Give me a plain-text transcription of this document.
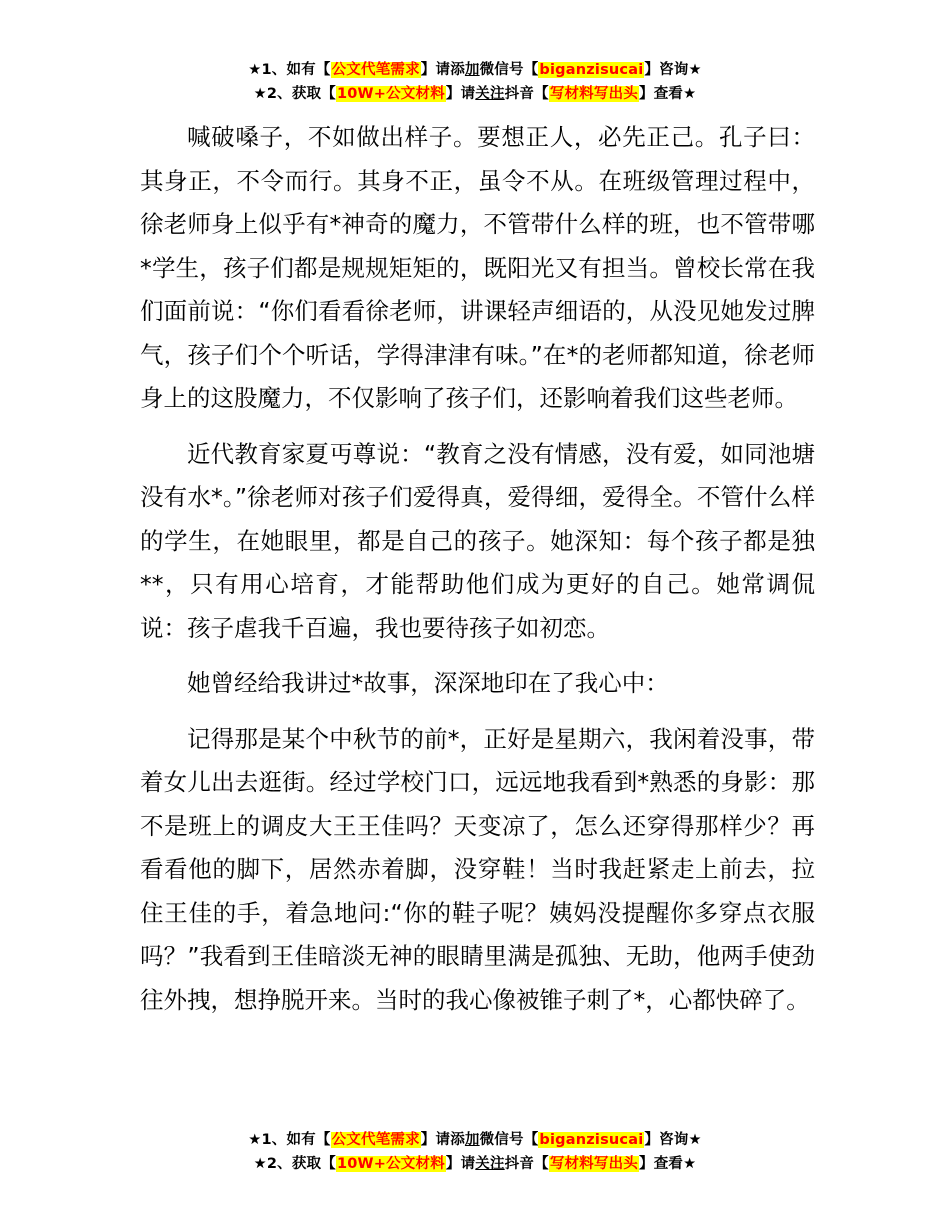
★1、如有【公文代笔需求】请添加微信号【biganzisucai】咨询★
★2、获取【10W+公文材料】请关注抖音【写材料写出头】查看★

喊破嗓子，不如做出样子。要想正人，必先正己。孔子曰：其身正，不令而行。其身不正，虽令不从。在班级管理过程中，徐老师身上似乎有*神奇的魔力，不管带什么样的班，也不管带哪*学生，孩子们都是规规矩矩的，既阳光又有担当。曾校长常在我们面前说：“你们看看徐老师，讲课轻声细语的，从没见她发过脾气，孩子们个个听话，学得津津有味。”在*的老师都知道，徐老师身上的这股魔力，不仅影响了孩子们，还影响着我们这些老师。

近代教育家夏丏尊说：“教育之没有情感，没有爱，如同池塘没有水*。”徐老师对孩子们爱得真，爱得细，爱得全。不管什么样的学生，在她眼里，都是自己的孩子。她深知：每个孩子都是独**，只有用心培育，才能帮助他们成为更好的自己。她常调侃说：孩子虐我千百遍，我也要待孩子如初恋。

她曾经给我讲过*故事，深深地印在了我心中：

记得那是某个中秋节的前*，正好是星期六，我闲着没事，带着女儿出去逛街。经过学校门口，远远地我看到*熟悉的身影：那不是班上的调皮大王王佳吗？天变凉了，怎么还穿得那样少？再看看他的脚下，居然赤着脚，没穿鞋！当时我赶紧走上前去，拉住王佳的手，着急地问:“你的鞋子呢？姨妈没提醒你多穿点衣服吗？”我看到王佳暗淡无神的眼睛里满是孤独、无助，他两手使劲往外拽，想挣脱开来。当时的我心像被锥子刺了*，心都快碎了。

★1、如有【公文代笔需求】请添加微信号【biganzisucai】咨询★
★2、获取【10W+公文材料】请关注抖音【写材料写出头】查看★
